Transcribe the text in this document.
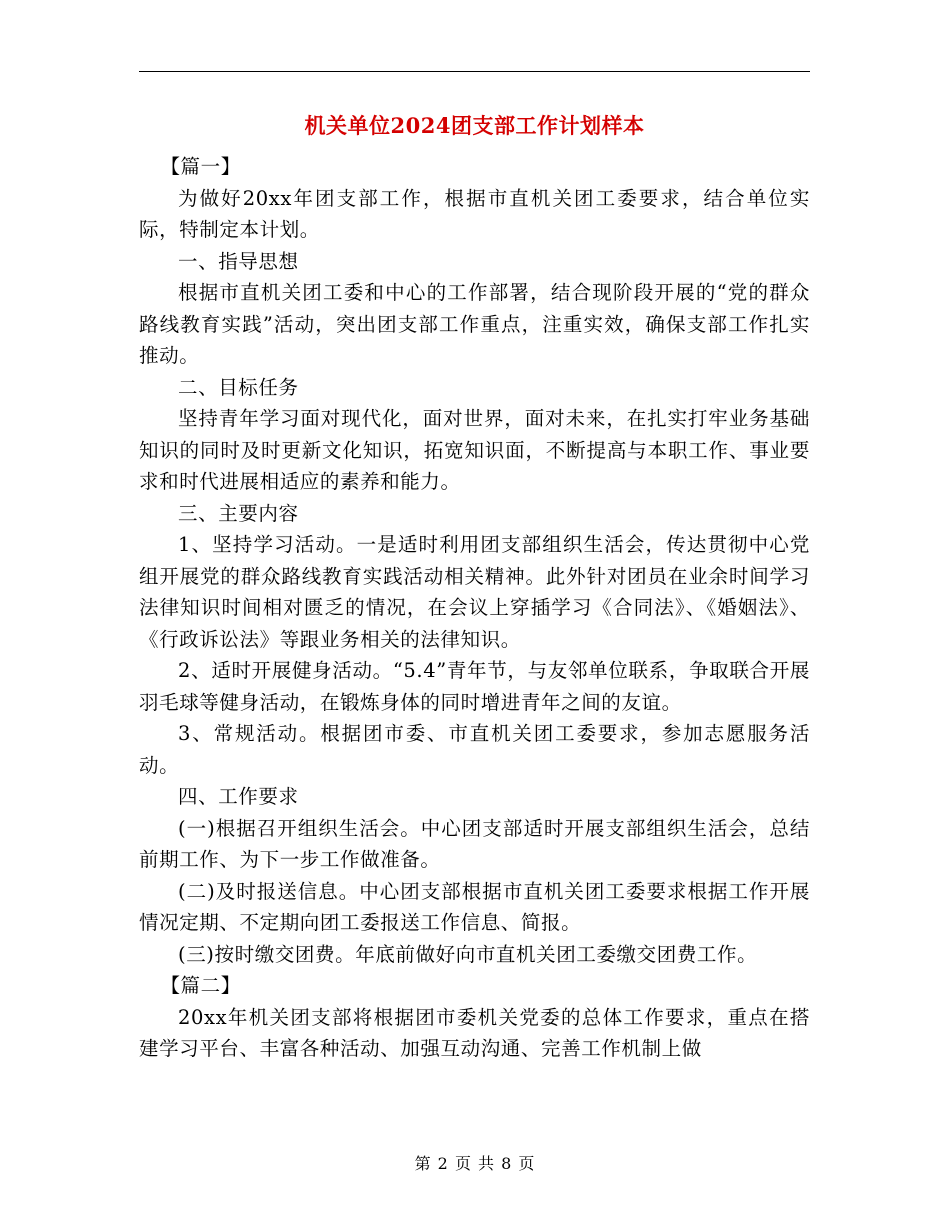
机关单位2024团支部工作计划样本

【篇一】

为做好20xx年团支部工作，根据市直机关团工委要求，结合单位实际，特制定本计划。

一、指导思想

根据市直机关团工委和中心的工作部署，结合现阶段开展的“党的群众路线教育实践”活动，突出团支部工作重点，注重实效，确保支部工作扎实推动。

二、目标任务

坚持青年学习面对现代化，面对世界，面对未来，在扎实打牢业务基础知识的同时及时更新文化知识，拓宽知识面，不断提高与本职工作、事业要求和时代进展相适应的素养和能力。

三、主要内容

1、坚持学习活动。一是适时利用团支部组织生活会，传达贯彻中心党组开展党的群众路线教育实践活动相关精神。此外针对团员在业余时间学习法律知识时间相对匮乏的情况，在会议上穿插学习《合同法》、《婚姻法》、《行政诉讼法》等跟业务相关的法律知识。

2、适时开展健身活动。“5.4”青年节，与友邻单位联系，争取联合开展羽毛球等健身活动，在锻炼身体的同时增进青年之间的友谊。

3、常规活动。根据团市委、市直机关团工委要求，参加志愿服务活动。

四、工作要求

(一)根据召开组织生活会。中心团支部适时开展支部组织生活会，总结前期工作、为下一步工作做准备。

(二)及时报送信息。中心团支部根据市直机关团工委要求根据工作开展情况定期、不定期向团工委报送工作信息、简报。

(三)按时缴交团费。年底前做好向市直机关团工委缴交团费工作。

【篇二】

20xx年机关团支部将根据团市委机关党委的总体工作要求，重点在搭建学习平台、丰富各种活动、加强互动沟通、完善工作机制上做

第 2 页 共 8 页
